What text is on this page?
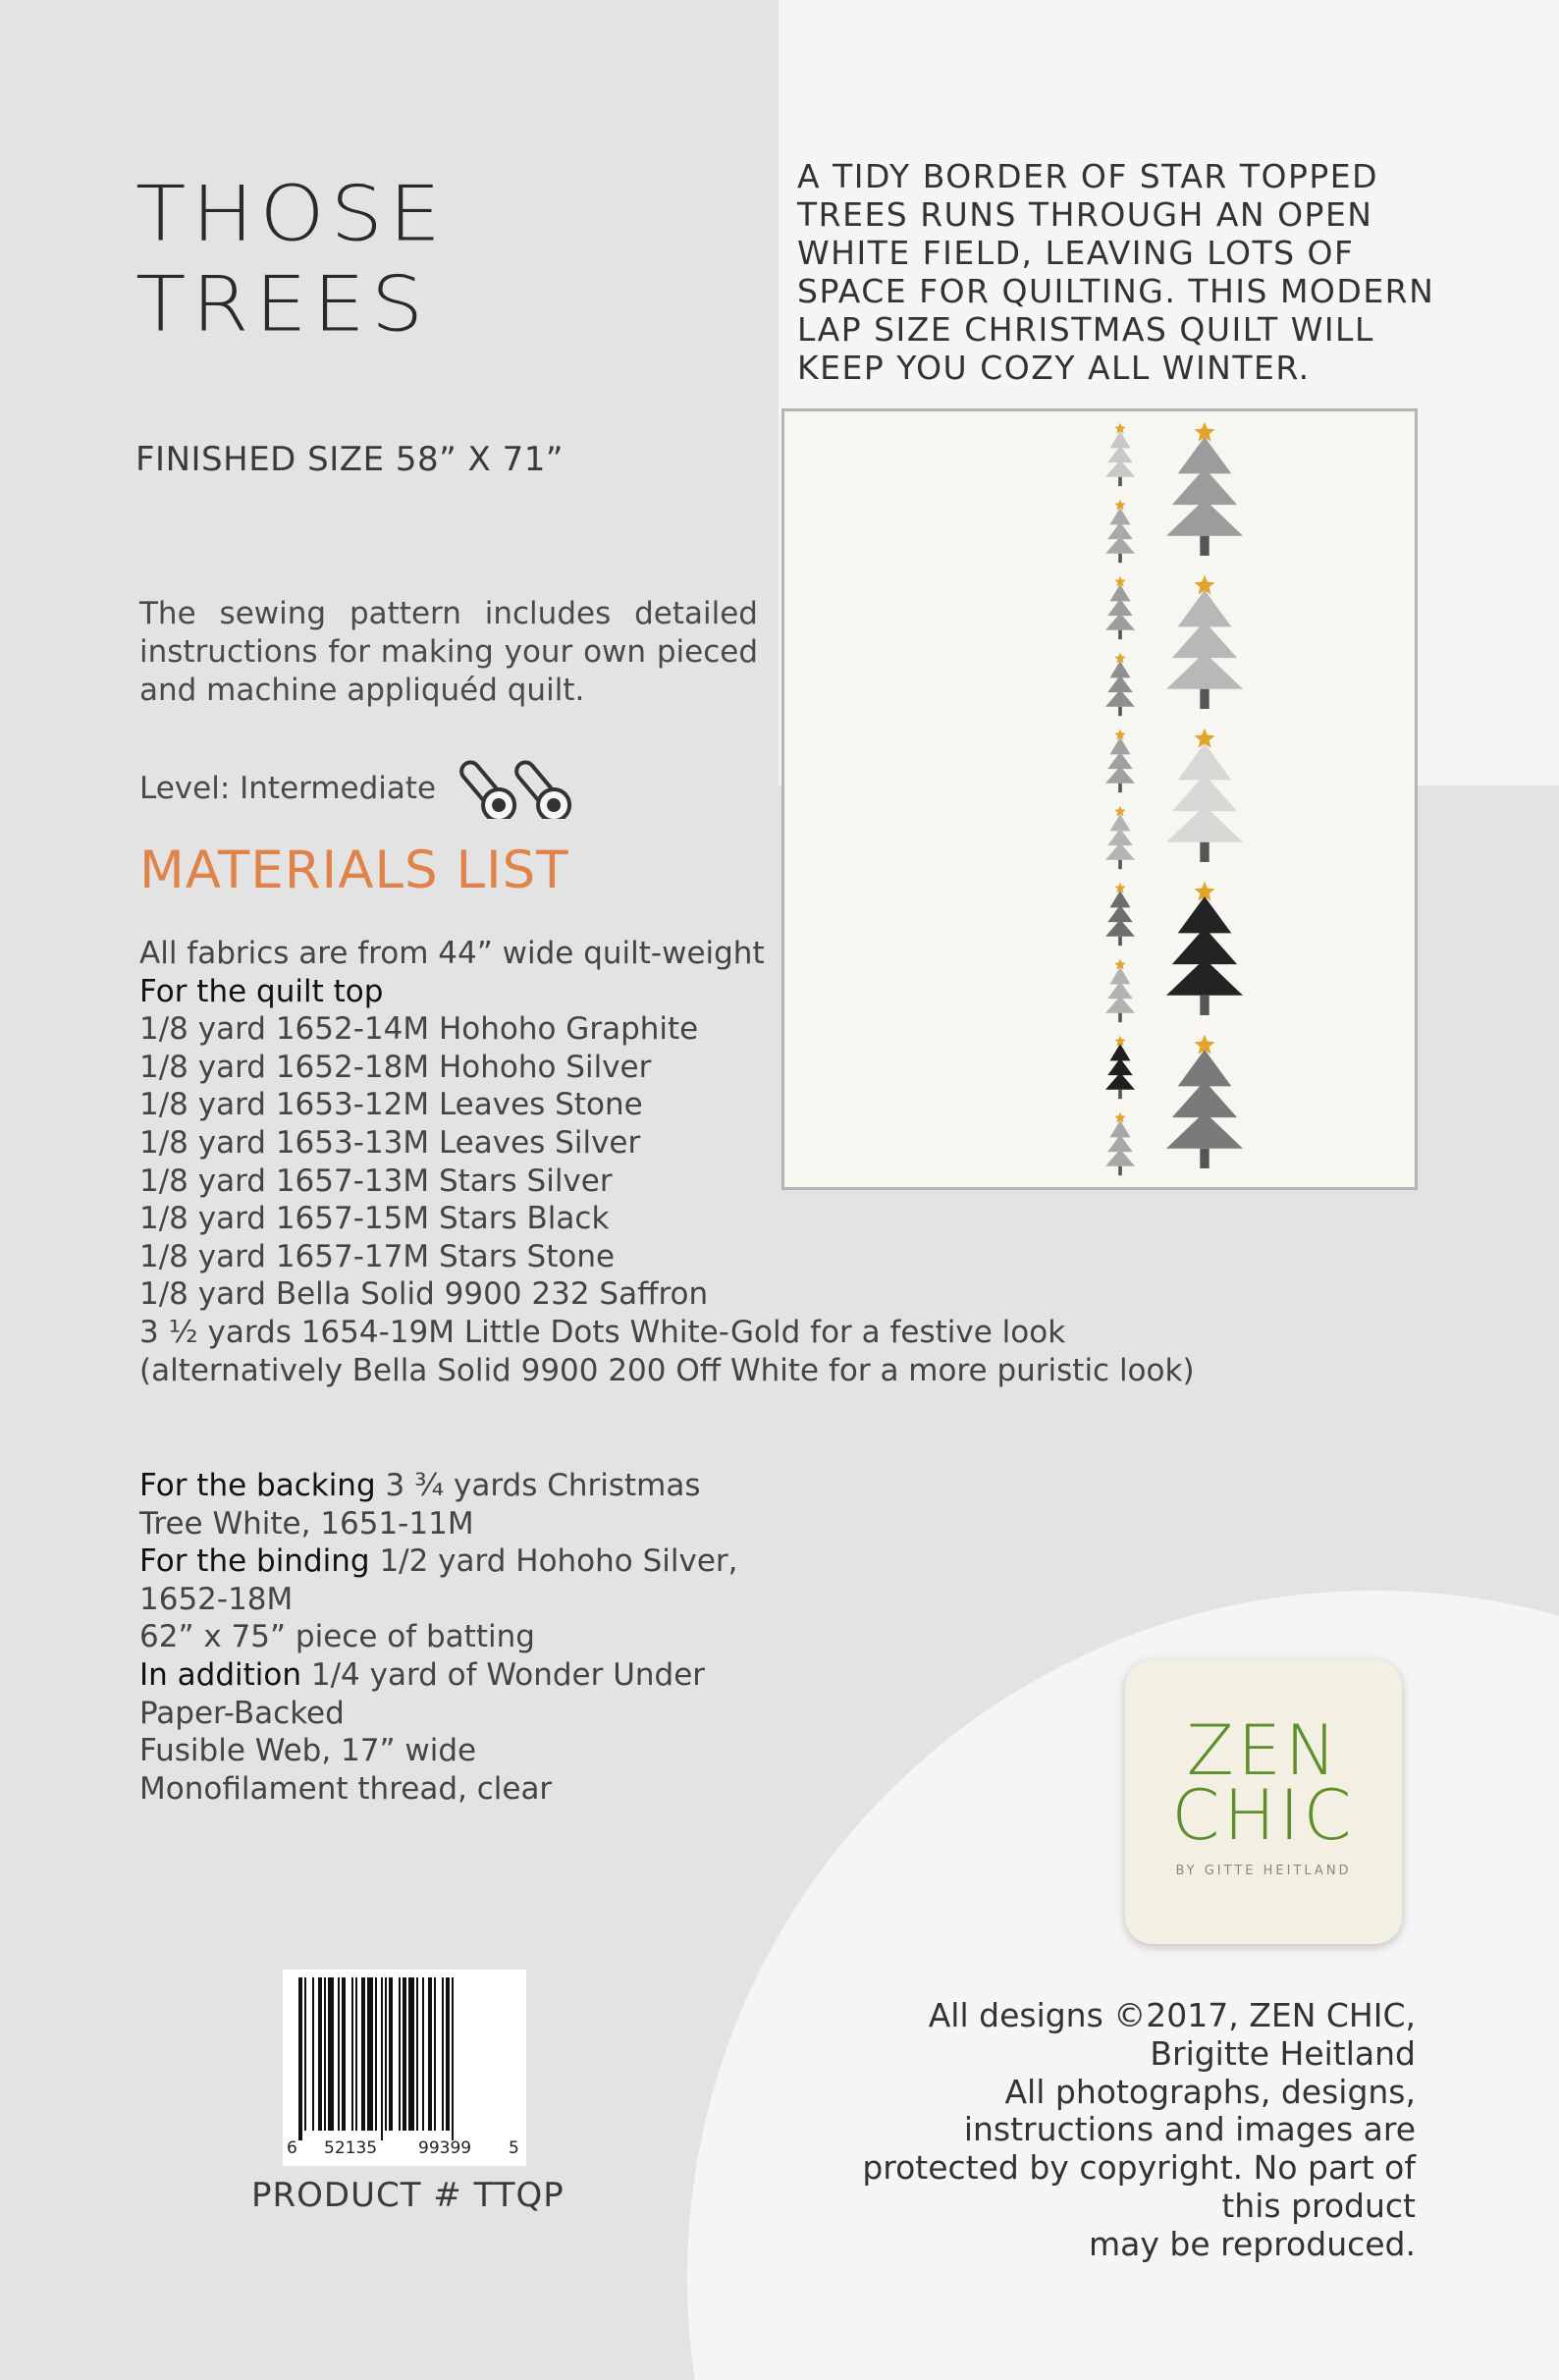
THOSE
TREES
FINISHED SIZE 58” X 71”
The sewing pattern includes detailed instructions for making your own pieced and machine appliquéd quilt.
Level: Intermediate
MATERIALS LIST
All fabrics are from 44” wide quilt-weight
For the quilt top
1/8 yard 1652-14M Hohoho Graphite
1/8 yard 1652-18M Hohoho Silver
1/8 yard 1653-12M Leaves Stone
1/8 yard 1653-13M Leaves Silver
1/8 yard 1657-13M Stars Silver
1/8 yard 1657-15M Stars Black
1/8 yard 1657-17M Stars Stone
1/8 yard Bella Solid 9900 232 Saffron
3 ½ yards 1654-19M Little Dots White-Gold for a festive look
(alternatively Bella Solid 9900 200 Off White for a more puristic look)
For the backing 3 ¾ yards Christmas
Tree White, 1651-11M
For the binding 1/2 yard Hohoho Silver,
1652-18M
62” x 75” piece of batting
In addition 1/4 yard of Wonder Under
Paper-Backed
Fusible Web, 17” wide
Monofilament thread, clear
A TIDY BORDER OF STAR TOPPED
TREES RUNS THROUGH AN OPEN
WHITE FIELD, LEAVING LOTS OF
SPACE FOR QUILTING. THIS MODERN
LAP SIZE CHRISTMAS QUILT WILL
KEEP YOU COZY ALL WINTER.
ZEN
CHIC
BY GITTE HEITLAND
All designs ©2017, ZEN CHIC,
Brigitte Heitland
All photographs, designs,
instructions and images are
protected by copyright. No part of
this product
may be reproduced.
6 52135 99399 5
PRODUCT # TTQP
